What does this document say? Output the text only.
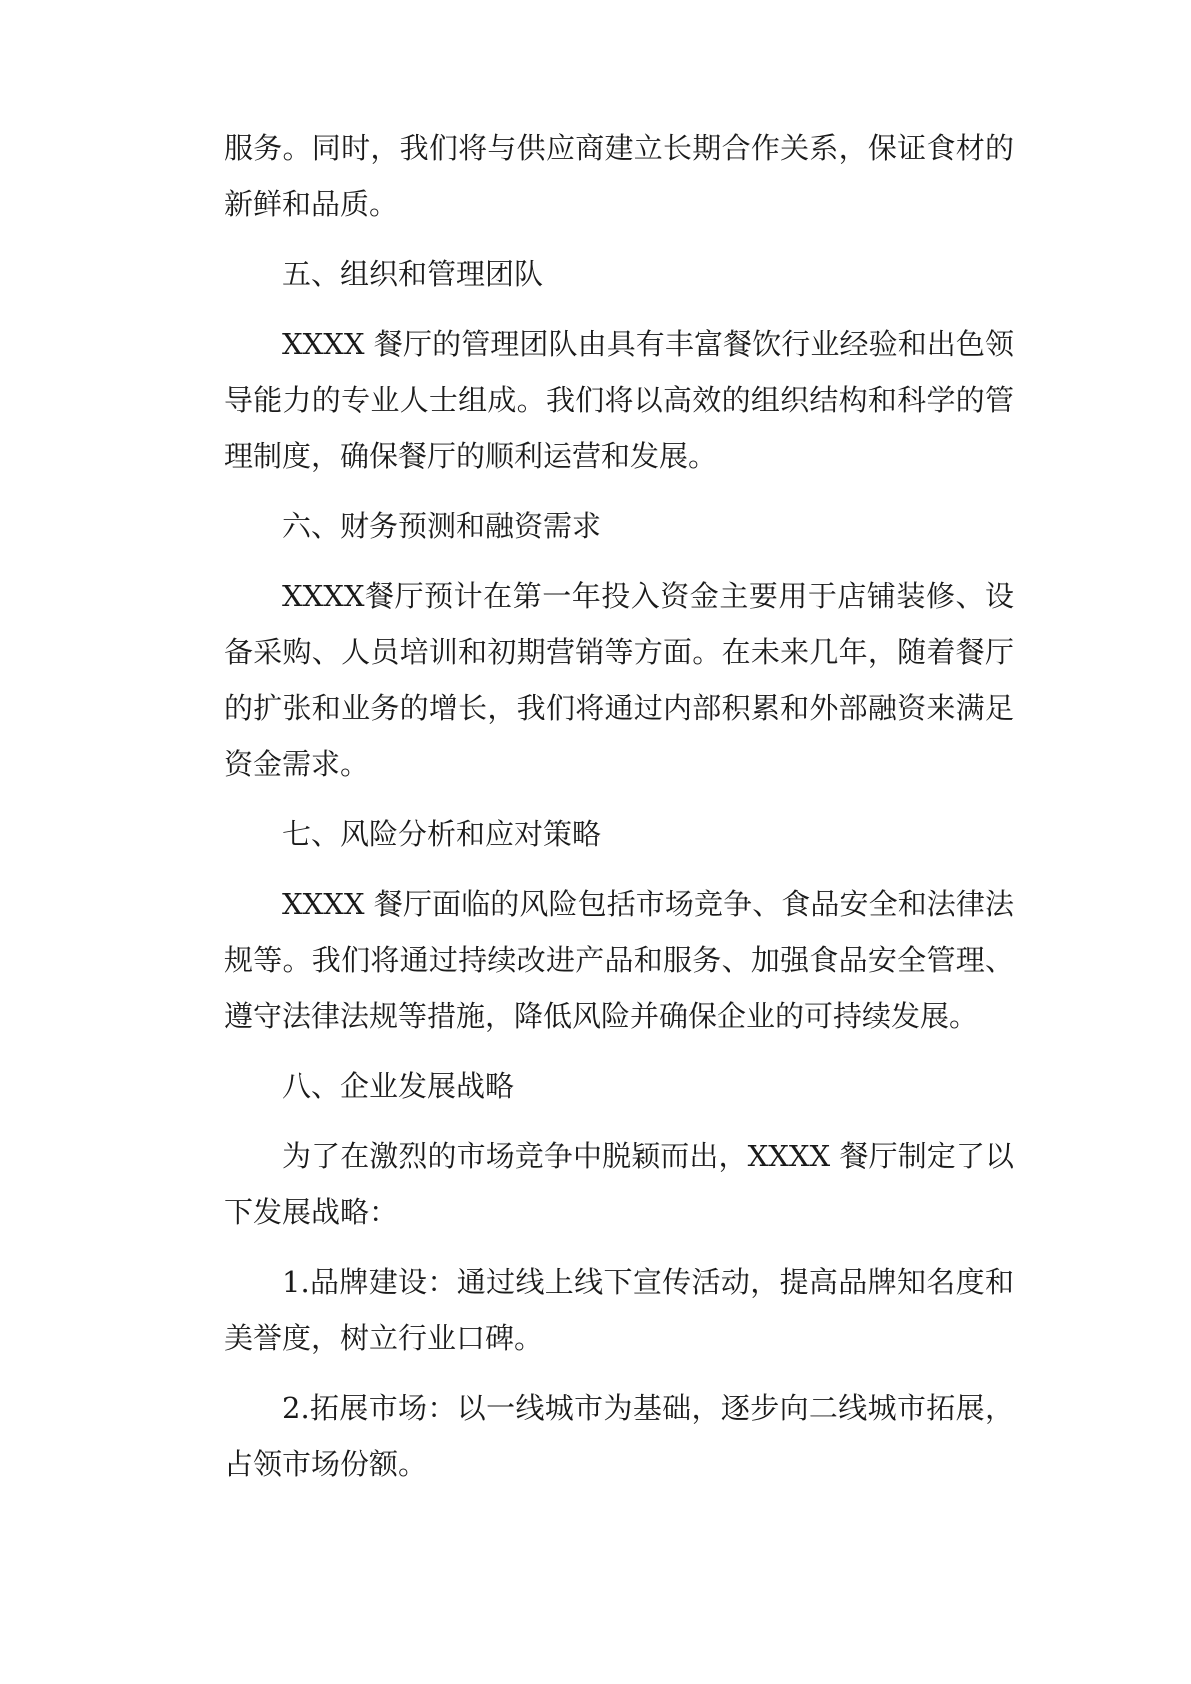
服务。同时，我们将与供应商建立长期合作关系，保证食材的新鲜和品质。

五、组织和管理团队

XXXX 餐厅的管理团队由具有丰富餐饮行业经验和出色领导能力的专业人士组成。我们将以高效的组织结构和科学的管理制度，确保餐厅的顺利运营和发展。

六、财务预测和融资需求

XXXX餐厅预计在第一年投入资金主要用于店铺装修、设备采购、人员培训和初期营销等方面。在未来几年，随着餐厅的扩张和业务的增长，我们将通过内部积累和外部融资来满足资金需求。

七、风险分析和应对策略

XXXX 餐厅面临的风险包括市场竞争、食品安全和法律法规等。我们将通过持续改进产品和服务、加强食品安全管理、遵守法律法规等措施，降低风险并确保企业的可持续发展。

八、企业发展战略

为了在激烈的市场竞争中脱颖而出，XXXX 餐厅制定了以下发展战略：

1.品牌建设：通过线上线下宣传活动，提高品牌知名度和美誉度，树立行业口碑。

2.拓展市场：以一线城市为基础，逐步向二线城市拓展，占领市场份额。
